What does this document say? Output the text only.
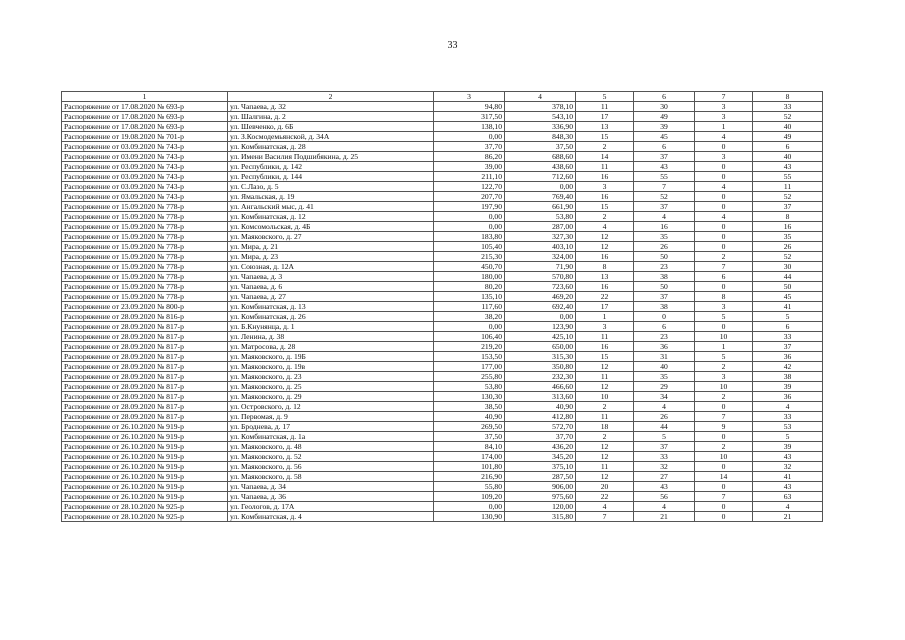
33
1	2	3	4	5	6	7	8
Распоряжение от 17.08.2020 № 693-р	ул. Чапаева, д. 32	94,80	378,10	11	30	3	33
Распоряжение от 17.08.2020 № 693-р	ул. Шалгина, д. 2	317,50	543,10	17	49	3	52
Распоряжение от 17.08.2020 № 693-р	ул. Шевченко, д. 6Б	138,10	336,90	13	39	1	40
Распоряжение от 19.08.2020 № 701-р	ул. З.Космодемьянской, д. 34А	0,00	848,30	15	45	4	49
Распоряжение от 03.09.2020 № 743-р	ул. Комбинатская, д. 28	37,70	37,50	2	6	0	6
Распоряжение от 03.09.2020 № 743-р	ул. Имени Василия Подшибякина, д. 25	86,20	688,60	14	37	3	40
Распоряжение от 03.09.2020 № 743-р	ул. Республики, д. 142	39,00	438,60	11	43	0	43
Распоряжение от 03.09.2020 № 743-р	ул. Республики, д. 144	211,10	712,60	16	55	0	55
Распоряжение от 03.09.2020 № 743-р	ул. С.Лазо, д. 5	122,70	0,00	3	7	4	11
Распоряжение от 03.09.2020 № 743-р	ул. Ямальская, д. 19	207,70	769,40	16	52	0	52
Распоряжение от 15.09.2020 № 778-р	ул. Ангальский мыс, д. 41	197,90	661,90	15	37	0	37
Распоряжение от 15.09.2020 № 778-р	ул. Комбинатская, д. 12	0,00	53,80	2	4	4	8
Распоряжение от 15.09.2020 № 778-р	ул. Комсомольская, д. 4Б	0,00	287,00	4	16	0	16
Распоряжение от 15.09.2020 № 778-р	ул. Маяковского, д. 27	183,80	327,30	12	35	0	35
Распоряжение от 15.09.2020 № 778-р	ул. Мира, д. 21	105,40	403,10	12	26	0	26
Распоряжение от 15.09.2020 № 778-р	ул. Мира, д. 23	215,30	324,00	16	50	2	52
Распоряжение от 15.09.2020 № 778-р	ул. Союзная, д. 12А	450,70	71,90	8	23	7	30
Распоряжение от 15.09.2020 № 778-р	ул. Чапаева, д. 3	180,00	570,80	13	38	6	44
Распоряжение от 15.09.2020 № 778-р	ул. Чапаева, д. 6	80,20	723,60	16	50	0	50
Распоряжение от 15.09.2020 № 778-р	ул. Чапаева, д. 27	135,10	469,20	22	37	8	45
Распоряжение от 23.09.2020 № 800-р	ул. Комбинатская, д. 13	117,60	692,40	17	38	3	41
Распоряжение от 28.09.2020 № 816-р	ул. Комбинатская, д. 26	38,20	0,00	1	0	5	5
Распоряжение от 28.09.2020 № 817-р	ул. Б.Кнунянца, д. 1	0,00	123,90	3	6	0	6
Распоряжение от 28.09.2020 № 817-р	ул. Ленина, д. 38	106,40	425,10	11	23	10	33
Распоряжение от 28.09.2020 № 817-р	ул. Матросова, д. 28	219,20	650,00	16	36	1	37
Распоряжение от 28.09.2020 № 817-р	ул. Маяковского, д. 19Б	153,50	315,30	15	31	5	36
Распоряжение от 28.09.2020 № 817-р	ул. Маяковского, д. 19в	177,00	350,80	12	40	2	42
Распоряжение от 28.09.2020 № 817-р	ул. Маяковского, д. 23	255,80	232,30	11	35	3	38
Распоряжение от 28.09.2020 № 817-р	ул. Маяковского, д. 25	53,80	466,60	12	29	10	39
Распоряжение от 28.09.2020 № 817-р	ул. Маяковского, д. 29	130,30	313,60	10	34	2	36
Распоряжение от 28.09.2020 № 817-р	ул. Островского, д. 12	38,50	40,90	2	4	0	4
Распоряжение от 28.09.2020 № 817-р	ул. Первомая, д. 9	40,90	412,80	11	26	7	33
Распоряжение от 26.10.2020 № 919-р	ул. Броднева, д. 17	269,50	572,70	18	44	9	53
Распоряжение от 26.10.2020 № 919-р	ул. Комбинатская, д. 1а	37,50	37,70	2	5	0	5
Распоряжение от 26.10.2020 № 919-р	ул. Маяковского, д. 48	84,10	436,20	12	37	2	39
Распоряжение от 26.10.2020 № 919-р	ул. Маяковского, д. 52	174,00	345,20	12	33	10	43
Распоряжение от 26.10.2020 № 919-р	ул. Маяковского, д. 56	101,80	375,10	11	32	0	32
Распоряжение от 26.10.2020 № 919-р	ул. Маяковского, д. 58	216,90	287,50	12	27	14	41
Распоряжение от 26.10.2020 № 919-р	ул. Чапаева, д. 34	55,80	906,00	20	43	0	43
Распоряжение от 26.10.2020 № 919-р	ул. Чапаева, д. 36	109,20	975,60	22	56	7	63
Распоряжение от 28.10.2020 № 925-р	ул. Геологов, д. 17А	0,00	120,00	4	4	0	4
Распоряжение от 28.10.2020 № 925-р	ул. Комбинатская, д. 4	130,90	315,80	7	21	0	21
